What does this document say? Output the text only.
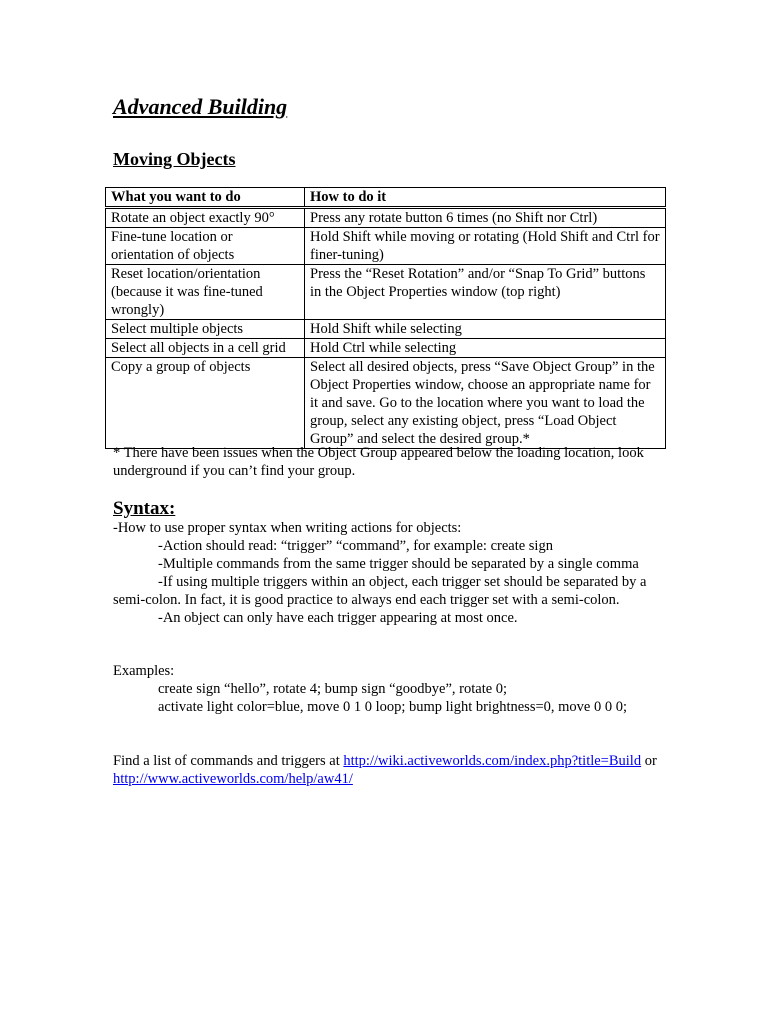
Advanced Building
Moving Objects
What you want to do	How to do it
Rotate an object exactly 90°	Press any rotate button 6 times (no Shift nor Ctrl)
Fine-tune location or orientation of objects	Hold Shift while moving or rotating (Hold Shift and Ctrl for finer-tuning)
Reset location/orientation (because it was fine-tuned wrongly)	Press the “Reset Rotation” and/or “Snap To Grid” buttons in the Object Properties window (top right)
Select multiple objects	Hold Shift while selecting
Select all objects in a cell grid	Hold Ctrl while selecting
Copy a group of objects	Select all desired objects, press “Save Object Group” in the Object Properties window, choose an appropriate name for it and save. Go to the location where you want to load the group, select any existing object, press “Load Object Group” and select the desired group.*
* There have been issues when the Object Group appeared below the loading location, look underground if you can’t find your group.
Syntax:

-How to use proper syntax when writing actions for objects:

-Action should read: “trigger” “command”, for example: create sign

-Multiple commands from the same trigger should be separated by a single comma

-If using multiple triggers within an object, each trigger set should be separated by a semi-colon. In fact, it is good practice to always end each trigger set with a semi-colon.

-An object can only have each trigger appearing at most once.

Examples:

create sign “hello”, rotate 4; bump sign “goodbye”, rotate 0;

activate light color=blue, move 0 1 0 loop; bump light brightness=0, move 0 0 0;

Find a list of commands and triggers at http://wiki.activeworlds.com/index.php?title=Build or http://www.activeworlds.com/help/aw41/
